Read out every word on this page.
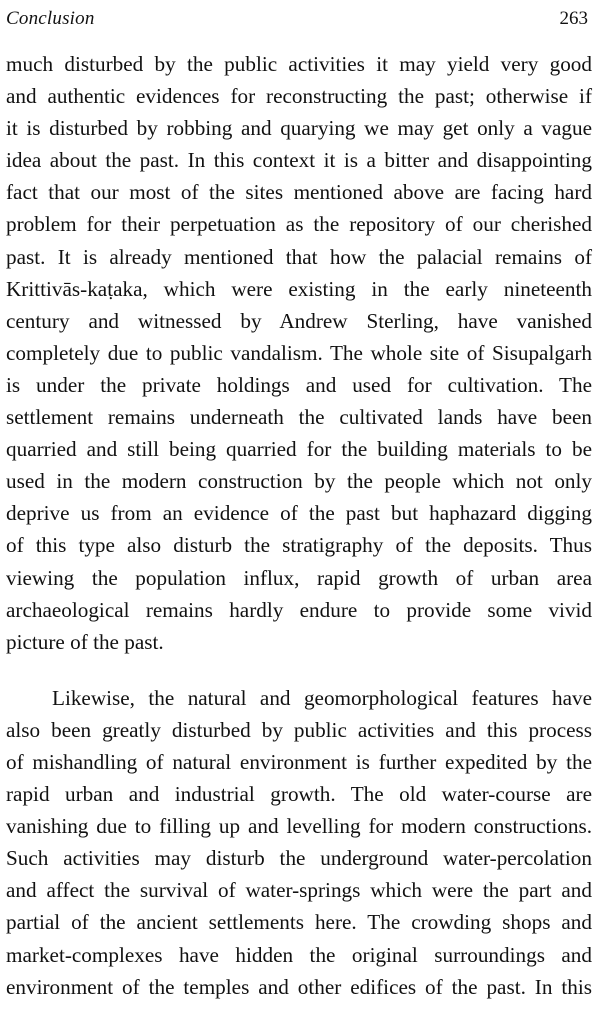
Conclusion	263
much disturbed by the public activities it may yield very good
and authentic evidences for reconstructing the past; otherwise if
it is disturbed by robbing and quarying we may get only a vague
idea about the past. In this context it is a bitter and disappointing
fact that our most of the sites mentioned above are facing hard
problem for their perpetuation as the repository of our cherished
past. It is already mentioned that how the palacial remains of
Krittivās-kaṭaka, which were existing in the early nineteenth
century and witnessed by Andrew Sterling, have vanished
completely due to public vandalism. The whole site of Sisupalgarh
is under the private holdings and used for cultivation. The
settlement remains underneath the cultivated lands have been
quarried and still being quarried for the building materials to be
used in the modern construction by the people which not only
deprive us from an evidence of the past but haphazard digging
of this type also disturb the stratigraphy of the deposits. Thus
viewing the population influx, rapid growth of urban area
archaeological remains hardly endure to provide some vivid
picture of the past.
Likewise, the natural and geomorphological features have
also been greatly disturbed by public activities and this process
of mishandling of natural environment is further expedited by the
rapid urban and industrial growth. The old water-course are
vanishing due to filling up and levelling for modern constructions.
Such activities may disturb the underground water-percolation
and affect the survival of water-springs which were the part and
partial of the ancient settlements here. The crowding shops and
market-complexes have hidden the original surroundings and
environment of the temples and other edifices of the past. In this
